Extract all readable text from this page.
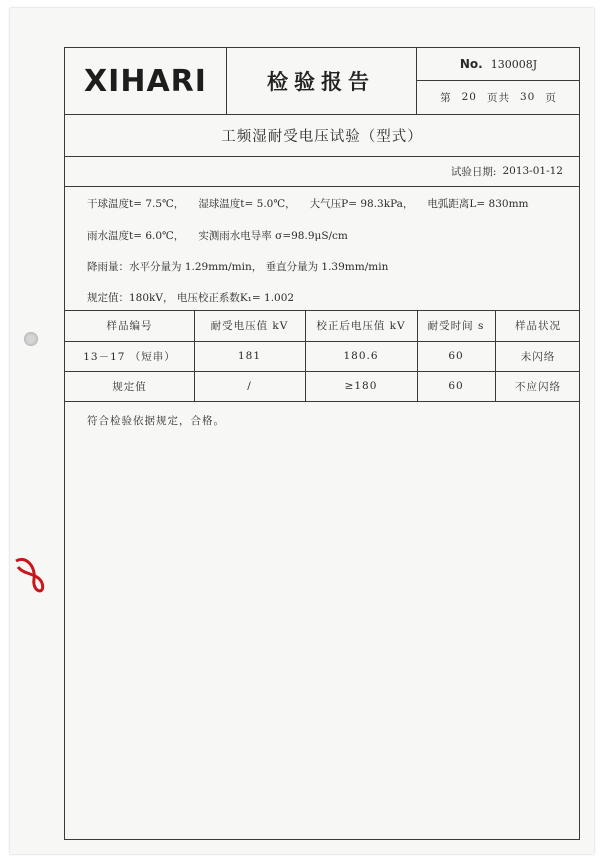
XIHARI	检验报告
No. 130008J
第 20 页共 30 页
工频湿耐受电压试验（型式）
试验日期: 2013-01-12
干球温度t= 7.5℃， 湿球温度t= 5.0℃， 大气压P= 98.3kPa， 电弧距离L= 830mm
雨水温度t= 6.0℃， 实测雨水电导率 σ=98.9μS/cm
降雨量：水平分量为 1.29mm/min， 垂直分量为 1.39mm/min
规定值：180kV， 电压校正系数K₁= 1.002
样品编号	耐受电压值 kV	校正后电压值 kV	耐受时间 s	样品状况
13－17 （短串）	181	180.6	60	未闪络
规定值	/	≥180	60	不应闪络
符合检验依据规定，合格。
